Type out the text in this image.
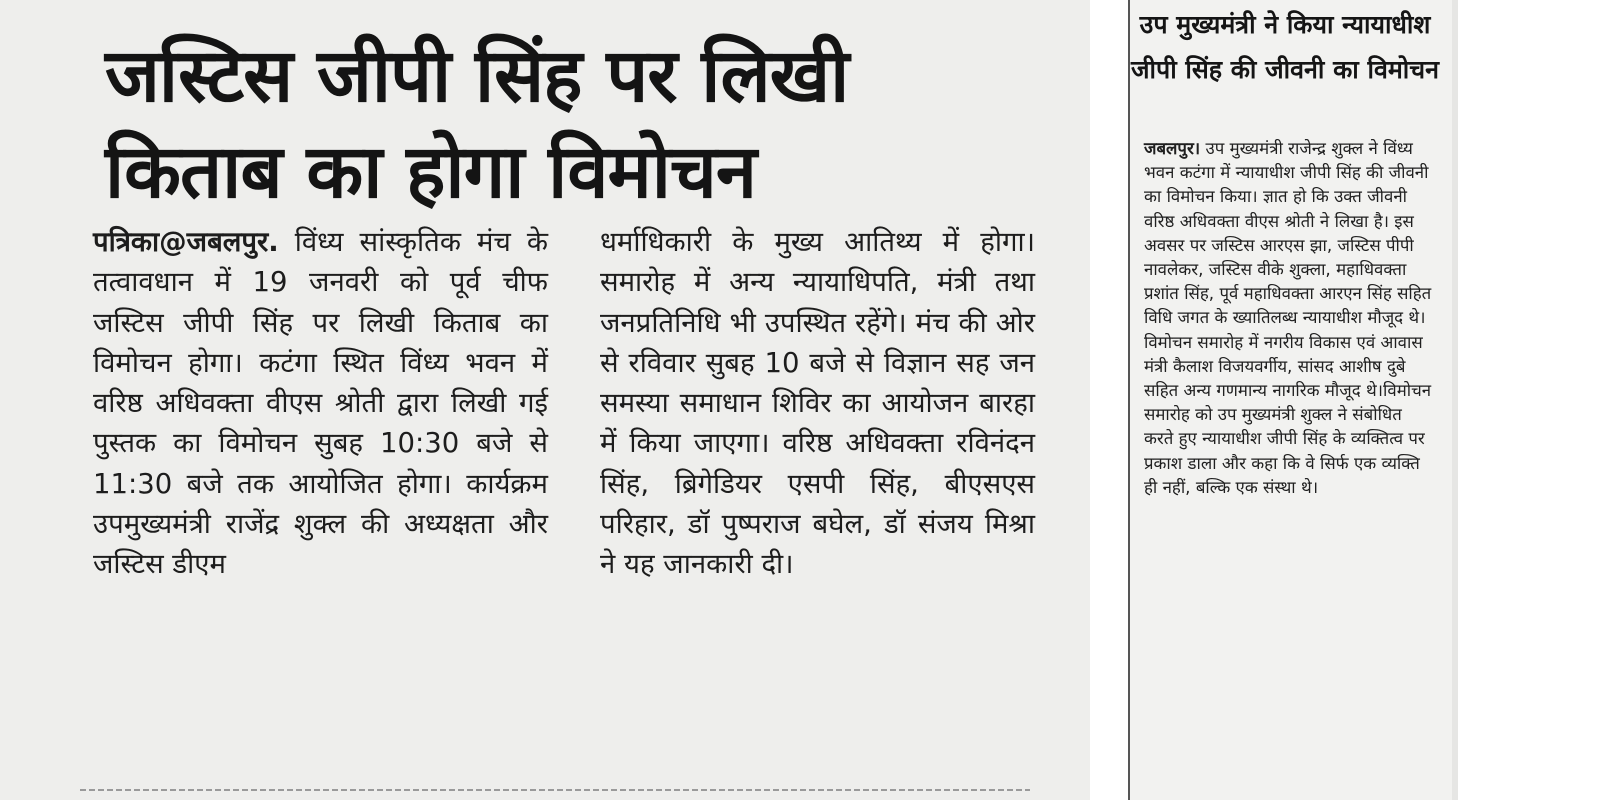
जस्टिस जीपी सिंह पर लिखी किताब का होगा विमोचन

पत्रिका@जबलपुर. विंध्य सांस्कृतिक मंच के तत्वावधान में 19 जनवरी को पूर्व चीफ जस्टिस जीपी सिंह पर लिखी किताब का विमोचन होगा। कटंगा स्थित विंध्य भवन में वरिष्ठ अधिवक्ता वीएस श्रोती द्वारा लिखी गई पुस्तक का विमोचन सुबह 10:30 बजे से 11:30 बजे तक आयोजित होगा। कार्यक्रम उपमुख्यमंत्री राजेंद्र शुक्ल की अध्यक्षता और जस्टिस डीएम

धर्माधिकारी के मुख्य आतिथ्य में होगा। समारोह में अन्य न्यायाधिपति, मंत्री तथा जनप्रतिनिधि भी उपस्थित रहेंगे। मंच की ओर से रविवार सुबह 10 बजे से विज्ञान सह जन समस्या समाधान शिविर का आयोजन बारहा में किया जाएगा। वरिष्ठ अधिवक्ता रविनंदन सिंह, ब्रिगेडियर एसपी सिंह, बीएसएस परिहार, डॉ पुष्पराज बघेल, डॉ संजय मिश्रा ने यह जानकारी दी।

उप मुख्यमंत्री ने किया न्यायाधीश जीपी सिंह की जीवनी का विमोचन

जबलपुर। उप मुख्यमंत्री राजेन्द्र शुक्ल ने विंध्य भवन कटंगा में न्यायाधीश जीपी सिंह की जीवनी का विमोचन किया। ज्ञात हो कि उक्त जीवनी वरिष्ठ अधिवक्ता वीएस श्रोती ने लिखा है। इस अवसर पर जस्टिस आरएस झा, जस्टिस पीपी नावलेकर, जस्टिस वीके शुक्ला, महाधिवक्ता प्रशांत सिंह, पूर्व महाधिवक्ता आरएन सिंह सहित विधि जगत के ख्यातिलब्ध न्यायाधीश मौजूद थे। विमोचन समारोह में नगरीय विकास एवं आवास मंत्री कैलाश विजयवर्गीय, सांसद आशीष दुबे सहित अन्य गणमान्य नागरिक मौजूद थे।विमोचन समारोह को उप मुख्यमंत्री शुक्ल ने संबोधित करते हुए न्यायाधीश जीपी सिंह के व्यक्तित्व पर प्रकाश डाला और कहा कि वे सिर्फ एक व्यक्ति ही नहीं, बल्कि एक संस्था थे।
